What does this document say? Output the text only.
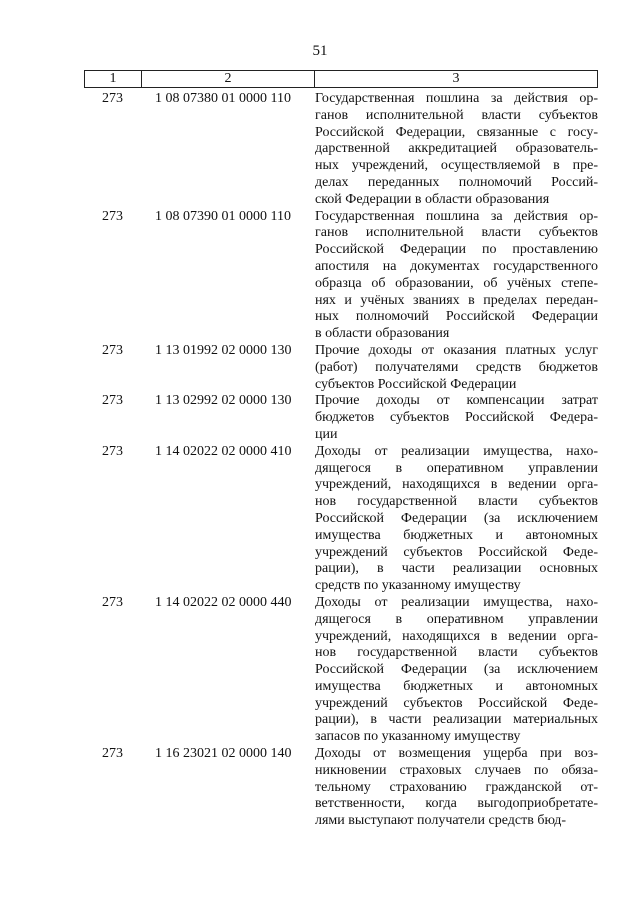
51
1	2	3
273	1 08 07380 01 0000 110	Государственная пошлина за действия ор-
ганов исполнительной власти субъектов
Российской Федерации, связанные с госу-
дарственной аккредитацией образователь-
ных учреждений, осуществляемой в пре-
делах переданных полномочий Россий-
ской Федерации в области образования
273	1 08 07390 01 0000 110	Государственная пошлина за действия ор-
ганов исполнительной власти субъектов
Российской Федерации по проставлению
апостиля на документах государственного
образца об образовании, об учёных степе-
нях и учёных званиях в пределах передан-
ных полномочий Российской Федерации
в области образования
273	1 13 01992 02 0000 130	Прочие доходы от оказания платных услуг
(работ) получателями средств бюджетов
субъектов Российской Федерации
273	1 13 02992 02 0000 130	Прочие доходы от компенсации затрат
бюджетов субъектов Российской Федера-
ции
273	1 14 02022 02 0000 410	Доходы от реализации имущества, нахо-
дящегося в оперативном управлении
учреждений, находящихся в ведении орга-
нов государственной власти субъектов
Российской Федерации (за исключением
имущества бюджетных и автономных
учреждений субъектов Российской Феде-
рации), в части реализации основных
средств по указанному имуществу
273	1 14 02022 02 0000 440	Доходы от реализации имущества, нахо-
дящегося в оперативном управлении
учреждений, находящихся в ведении орга-
нов государственной власти субъектов
Российской Федерации (за исключением
имущества бюджетных и автономных
учреждений субъектов Российской Феде-
рации), в части реализации материальных
запасов по указанному имуществу
273	1 16 23021 02 0000 140	Доходы от возмещения ущерба при воз-
никновении страховых случаев по обяза-
тельному страхованию гражданской от-
ветственности, когда выгодоприобретате-
лями выступают получатели средств бюд-
